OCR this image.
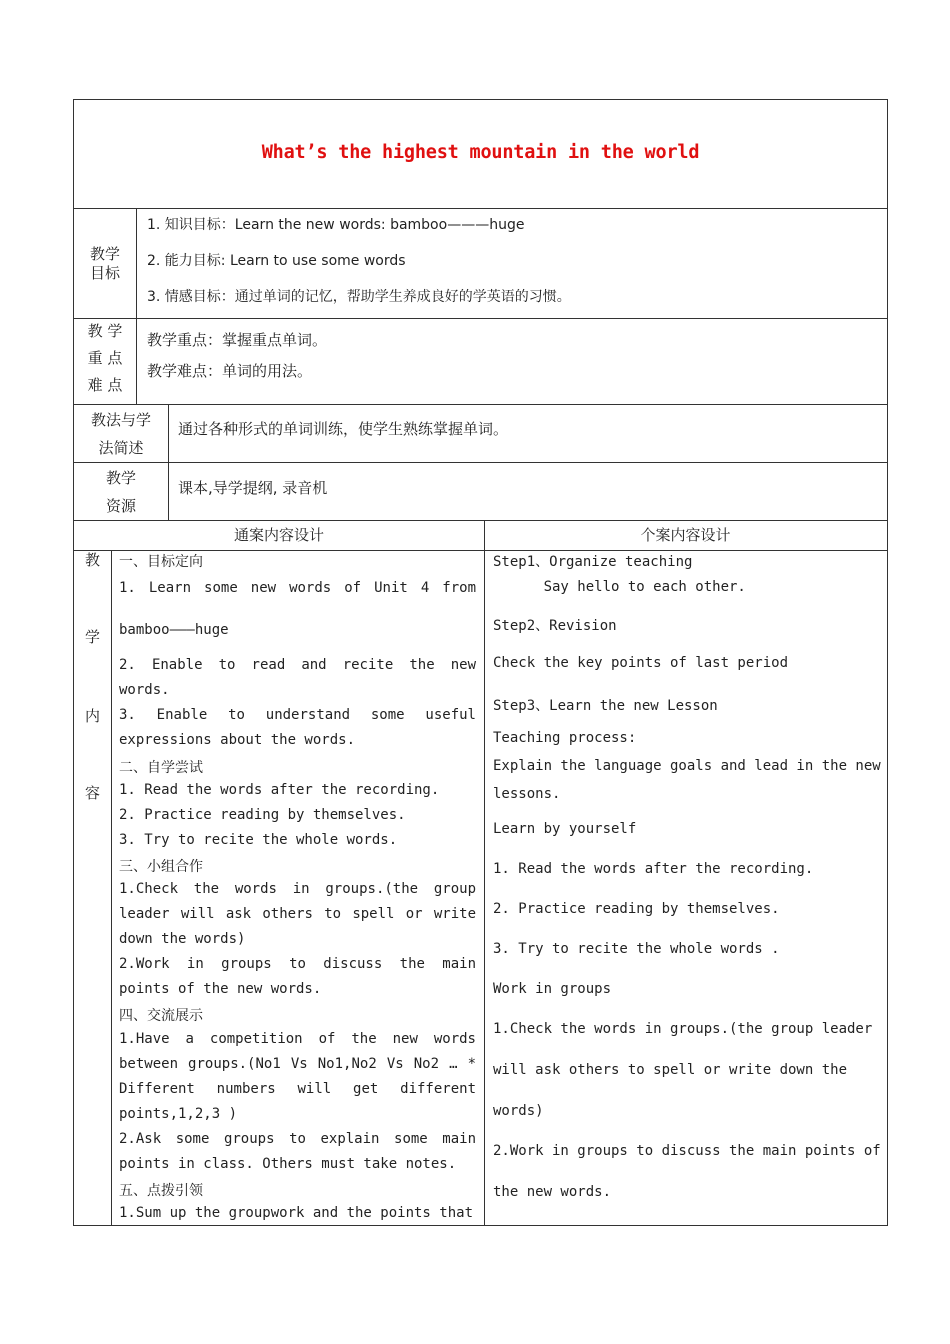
What’s the highest mountain in the world
教学目标
1. 知识目标：Learn the new words: bamboo———huge
2. 能力目标: Learn to use some words
3. 情感目标：通过单词的记忆，帮助学生养成良好的学英语的习惯。
教 学
重 点
难 点
教学重点：掌握重点单词。
教学难点：单词的用法。
教法与学
法简述
通过各种形式的单词训练，使学生熟练掌握单词。
教学
资源
课本,导学提纲, 录音机
通案内容设计	个案内容设计
教
学
内
容
一、目标定向
1. Learn some new words of Unit 4 from
bamboo———huge
2. Enable to read and recite the new
words.
3. Enable to understand some useful
expressions about the words.
二、自学尝试
1. Read the words after the recording.
2. Practice reading by themselves.
3. Try to recite the whole words.
三、小组合作
1.Check the words in groups.(the group
leader will ask others to spell or write
down the words)
2.Work in groups to discuss the main
points of the new words.
四、交流展示
1.Have a competition of the new words
between groups.(No1 Vs No1,No2 Vs No2 … *
Different numbers will get different
points,1,2,3 )
2.Ask some groups to explain some main
points in class. Others must take notes.
五、点拨引领
1.Sum up the groupwork and the points that
Step1、Organize teaching
Say hello to each other.
Step2、Revision
Check the key points of last period
Step3、Learn the new Lesson
Teaching process:
Explain the language goals and lead in the new
lessons.
Learn by yourself
1. Read the words after the recording.
2. Practice reading by themselves.
3. Try to recite the whole words .
Work in groups
1.Check the words in groups.(the group leader
will ask others to spell or write down the
words)
2.Work in groups to discuss the main points of
the new words.
